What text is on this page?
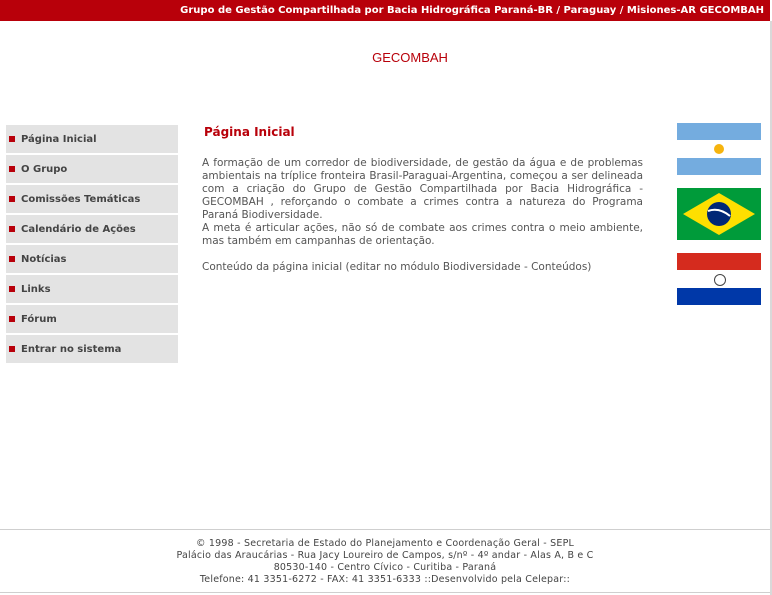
Grupo de Gestão Compartilhada por Bacia Hidrográfica Paraná-BR / Paraguay / Misiones-AR GECOMBAH
GECOMBAH
Página Inicial
O Grupo
Comissões Temáticas
Calendário de Ações
Notícias
Links
Fórum
Entrar no sistema
Página Inicial

A formação de um corredor de biodiversidade, de gestão da água e de problemas ambientais na tríplice fronteira Brasil-Paraguai-Argentina, começou a ser delineada com a criação do Grupo de Gestão Compartilhada por Bacia Hidrográfica - GECOMBAH , reforçando o combate a crimes contra a natureza do Programa Paraná Biodiversidade.

A meta é articular ações, não só de combate aos crimes contra o meio ambiente, mas também em campanhas de orientação.

Conteúdo da página inicial (editar no módulo Biodiversidade - Conteúdos)

© 1998 - Secretaria de Estado do Planejamento e Coordenação Geral - SEPL
Palácio das Araucárias - Rua Jacy Loureiro de Campos, s/nº - 4º andar - Alas A, B e C
80530-140 - Centro Cívico - Curitiba - Paraná
Telefone: 41 3351-6272 - FAX: 41 3351-6333 ::Desenvolvido pela Celepar::
